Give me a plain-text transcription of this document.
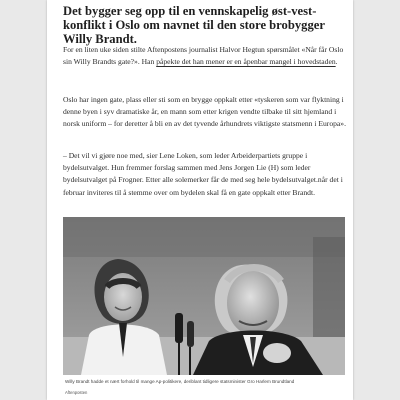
Det bygger seg opp til en vennskapelig øst-vest-konflikt i Oslo om navnet til den store brobygger Willy Brandt.

For en liten uke siden stilte Aftenpostens journalist Halvor Hegtun spørsmålet «Når får Oslo sin Willy Brandts gate?». Han påpekte det han mener er en åpenbar mangel i hovedstaden.

Oslo har ingen gate, plass eller sti som en brygge oppkalt etter «tyskeren som var flyktning i denne byen i syv dramatiske år, en mann som etter krigen vendte tilbake til sitt hjemland i norsk uniform – for deretter å bli en av det tyvende århundrets viktigste statsmenn i Europa».

– Det vil vi gjøre noe med, sier Lene Loken, som leder Arbeiderpartiets gruppe i bydelsutvalget. Hun fremmer forslag sammen med Jens Jorgen Lie (H) som leder bydelsutvalget på Frogner. Etter alle solemerker får de med seg hele bydelsutvalget.når det i februar inviteres til å stemme over om bydelen skal få en gate oppkalt etter Brandt.

Willy Brandt hadde et nært forhold til mange Ap-politikere, deriblant tidligere statsminister Gro Harlem Brundtland

Aftenposten
